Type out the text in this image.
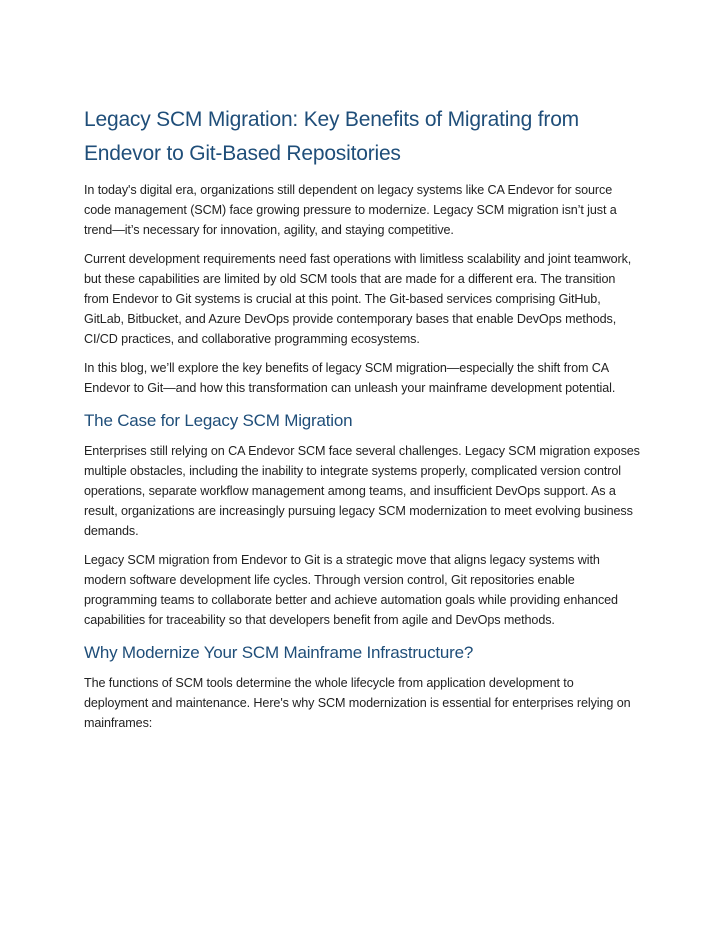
Legacy SCM Migration: Key Benefits of Migrating from Endevor to Git-Based Repositories

In today's digital era, organizations still dependent on legacy systems like CA Endevor for source code management (SCM) face growing pressure to modernize. Legacy SCM migration isn’t just a trend—it’s necessary for innovation, agility, and staying competitive.

Current development requirements need fast operations with limitless scalability and joint teamwork, but these capabilities are limited by old SCM tools that are made for a different era. The transition from Endevor to Git systems is crucial at this point. The Git-based services comprising GitHub, GitLab, Bitbucket, and Azure DevOps provide contemporary bases that enable DevOps methods, CI/CD practices, and collaborative programming ecosystems.

In this blog, we’ll explore the key benefits of legacy SCM migration—especially the shift from CA Endevor to Git—and how this transformation can unleash your mainframe development potential.

The Case for Legacy SCM Migration

Enterprises still relying on CA Endevor SCM face several challenges. Legacy SCM migration exposes multiple obstacles, including the inability to integrate systems properly, complicated version control operations, separate workflow management among teams, and insufficient DevOps support. As a result, organizations are increasingly pursuing legacy SCM modernization to meet evolving business demands.

Legacy SCM migration from Endevor to Git is a strategic move that aligns legacy systems with modern software development life cycles. Through version control, Git repositories enable programming teams to collaborate better and achieve automation goals while providing enhanced capabilities for traceability so that developers benefit from agile and DevOps methods.

Why Modernize Your SCM Mainframe Infrastructure?

The functions of SCM tools determine the whole lifecycle from application development to deployment and maintenance. Here's why SCM modernization is essential for enterprises relying on mainframes:
